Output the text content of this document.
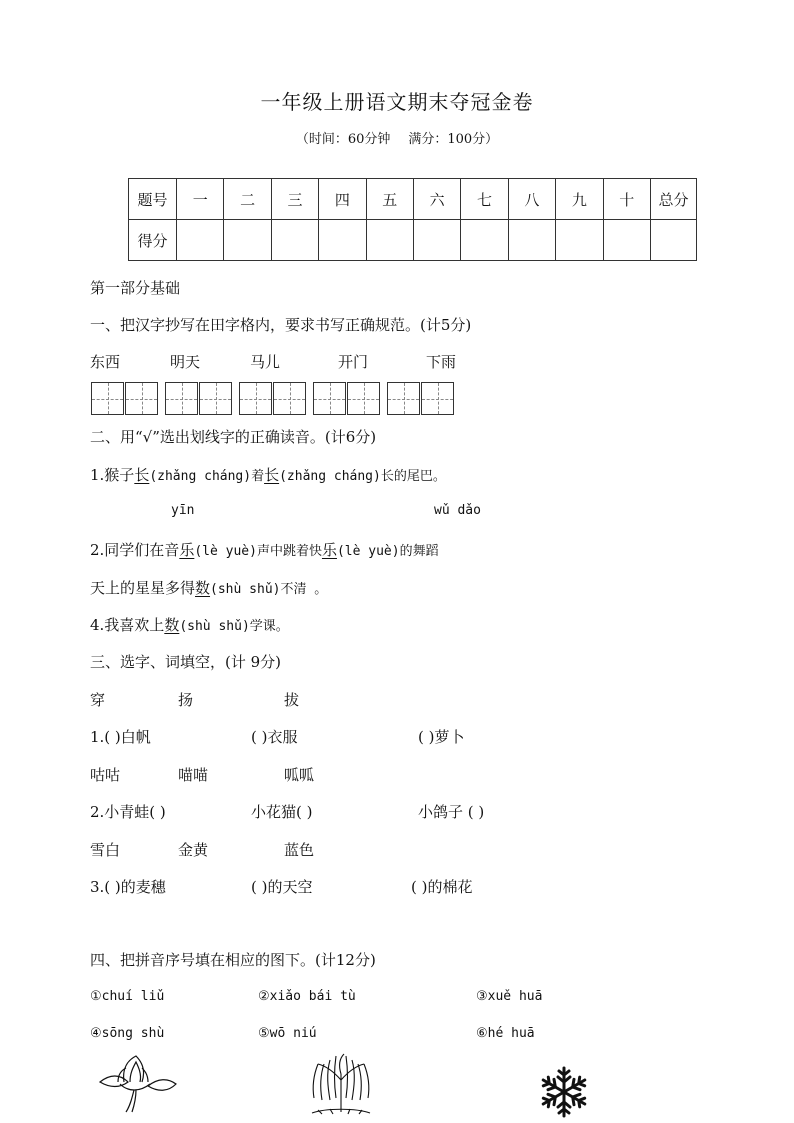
一年级上册语文期末夺冠金卷
（时间：60分钟 满分：100分）
题号	一	二	三	四	五	六	七	八	九	十	总分
得分											
第一部分基础
一、把汉字抄写在田字格内，要求书写正确规范。(计5分)
东西	明天	马儿	开门	下雨
二、用“√”选出划线字的正确读音。(计6分)
1.猴子长(zhǎng cháng)着长(zhǎng cháng)长的尾巴。
yīn	wǔ dǎo
2.同学们在音乐(lè yuè)声中跳着快乐(lè yuè)的舞蹈
天上的星星多得数(shù shǔ)不清 。
4.我喜欢上数(shù shǔ)学课。
三、选字、词填空，(计 9分)
穿	扬	拔
1.( )白帆	( )衣服	( )萝卜
咕咕	喵喵	呱呱
2.小青蛙( )	小花猫( )	小鸽子 ( )
雪白	金黄	蓝色
3.( )的麦穗	( )的天空	( )的棉花
四、把拼音序号填在相应的图下。(计12分)
①chuí liǔ	②xiǎo bái tù	③xuě huā
④sōng shù	⑤wō niú	⑥hé huā
